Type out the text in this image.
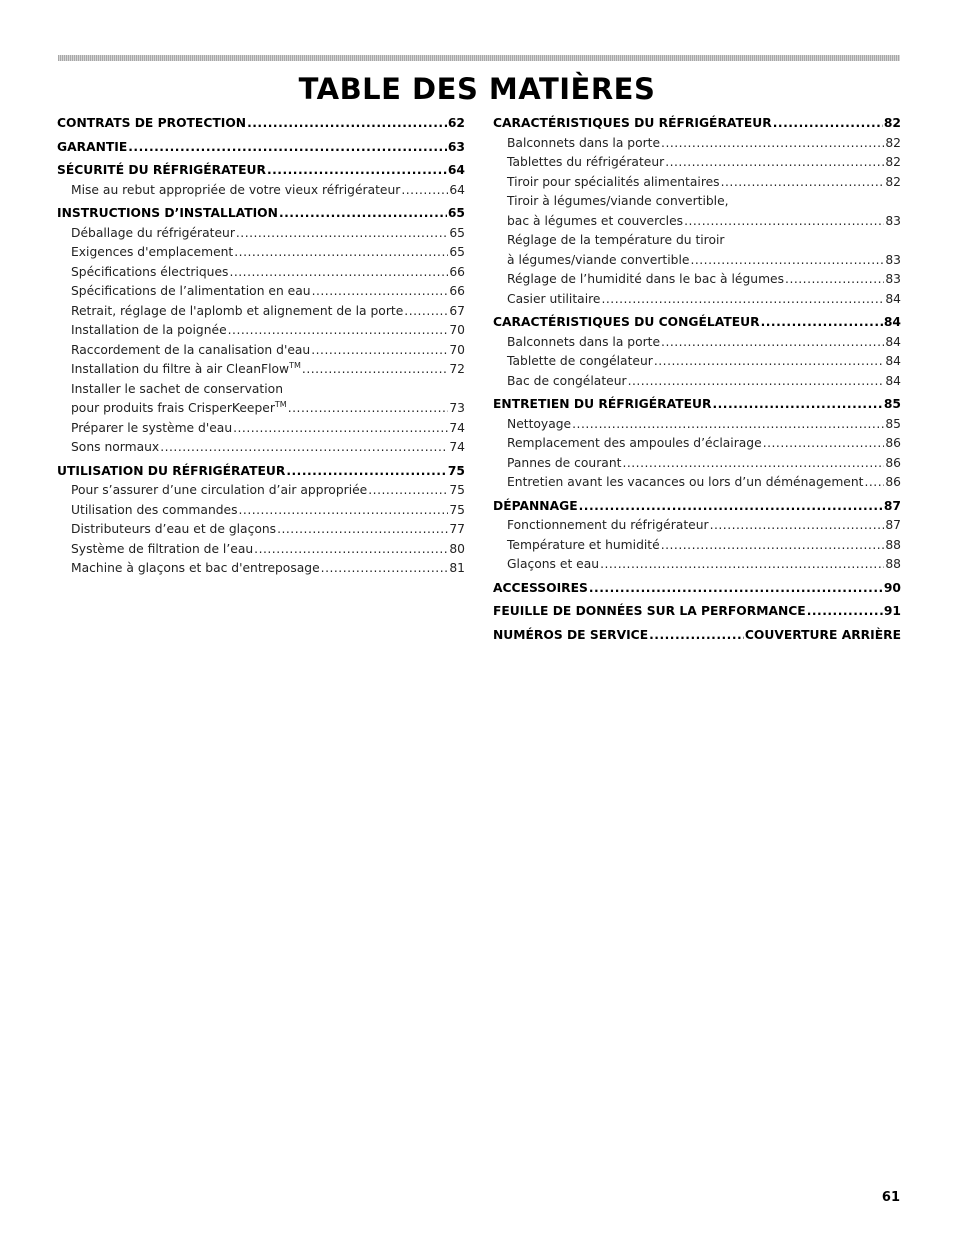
TABLE DES MATIÈRES
CONTRATS DE PROTECTION .....	62
GARANTIE .....	63
SÉCURITÉ DU RÉFRIGÉRATEUR .....	64
Mise au rebut appropriée de votre vieux réfrigérateur .....	64
INSTRUCTIONS D’INSTALLATION .....	65
Déballage du réfrigérateur .....	65
Exigences d'emplacement .....	65
Spécifications électriques .....	66
Spécifications de l’alimentation en eau .....	66
Retrait, réglage de l'aplomb et alignement de la porte .....	67
Installation de la poignée .....	70
Raccordement de la canalisation d'eau .....	70
Installation du filtre à air CleanFlow™ .....	72
Installer le sachet de conservation
pour produits frais CrisperKeeper™ .....	73
Préparer le système d'eau .....	74
Sons normaux .....	74
UTILISATION DU RÉFRIGÉRATEUR .....	75
Pour s’assurer d’une circulation d’air appropriée .....	75
Utilisation des commandes .....	75
Distributeurs d’eau et de glaçons .....	77
Système de filtration de l’eau .....	80
Machine à glaçons et bac d'entreposage .....	81
CARACTÉRISTIQUES DU RÉFRIGÉRATEUR .....	82
Balconnets dans la porte .....	82
Tablettes du réfrigérateur .....	82
Tiroir pour spécialités alimentaires .....	82
Tiroir à légumes/viande convertible,
bac à légumes et couvercles .....	83
Réglage de la température du tiroir
à légumes/viande convertible .....	83
Réglage de l’humidité dans le bac à légumes .....	83
Casier utilitaire .....	84
CARACTÉRISTIQUES DU CONGÉLATEUR .....	84
Balconnets dans la porte .....	84
Tablette de congélateur .....	84
Bac de congélateur .....	84
ENTRETIEN DU RÉFRIGÉRATEUR .....	85
Nettoyage .....	85
Remplacement des ampoules d’éclairage .....	86
Pannes de courant .....	86
Entretien avant les vacances ou lors d’un déménagement ..... 86
DÉPANNAGE .....	87
Fonctionnement du réfrigérateur .....	87
Température et humidité .....	88
Glaçons et eau .....	88
ACCESSOIRES .....	90
FEUILLE DE DONNÉES SUR LA PERFORMANCE .....	91
NUMÉROS DE SERVICE .....	COUVERTURE ARRIÈRE
61
